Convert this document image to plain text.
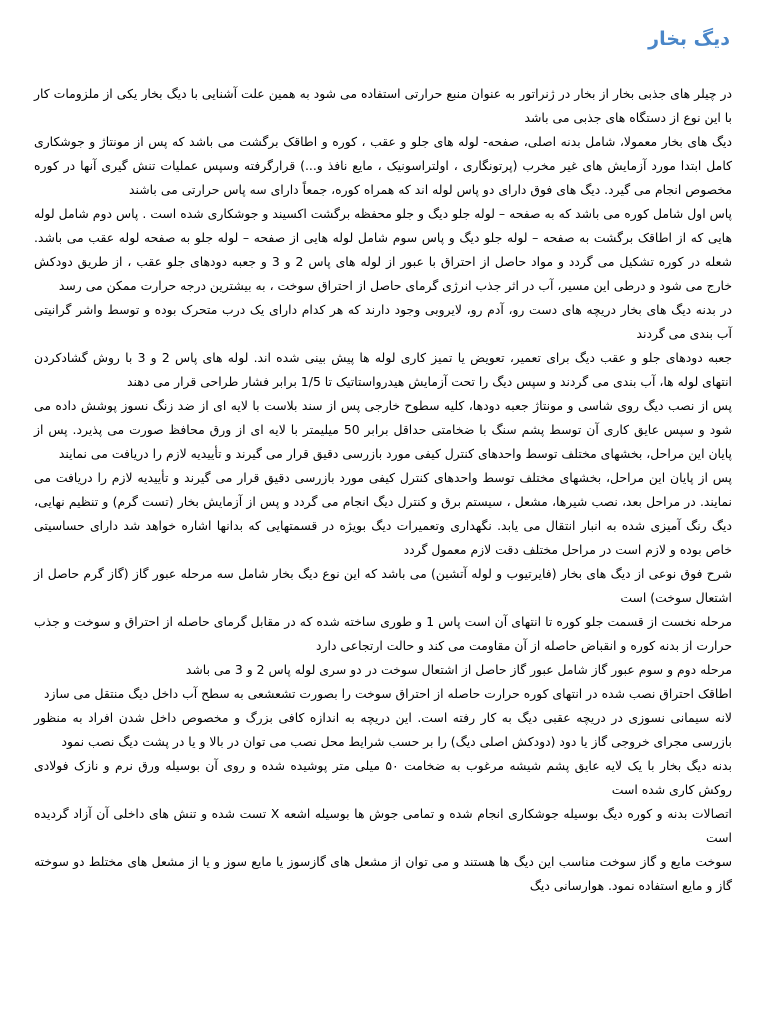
دیگ بخار

در چیلر های جذبی بخار از بخار در ژنراتور به عنوان منبع حرارتی استفاده می شود به همین علت آشنایی با دیگ بخار یکی از ملزومات کار با این نوع از دستگاه های جذبی می باشد

دیگ های بخار معمولا، شامل بدنه اصلی، صفحه- لوله های جلو و عقب ، کوره و اطاقک برگشت می باشد که پس از مونتاژ و جوشکاری کامل ابتدا مورد آزمایش های غیر مخرب (پرتونگاری ، اولتراسونیک ، مایع نافذ و...) قرارگرفته وسپس عملیات تنش گیری آنها در کوره مخصوص انجام می گیرد. دیگ های فوق دارای دو پاس لوله اند که همراه کوره، جمعاً دارای سه پاس حرارتی می باشند

پاس اول شامل کوره می باشد که به صفحه – لوله جلو دیگ و جلو محفظه برگشت اکسیند و جوشکاری شده است . پاس دوم شامل لوله هایی که از اطاقک برگشت به صفحه – لوله جلو دیگ و پاس سوم شامل لوله هایی از صفحه – لوله جلو به صفحه لوله عقب می باشد. شعله در کوره تشکیل می گردد و مواد حاصل از احتراق با عبور از لوله های پاس 2 و 3 و جعبه دودهای جلو عقب ، از طریق دودکش خارج می شود و درطی این مسیر، آب در اثر جذب انرژی گرمای حاصل از احتراق سوخت ، به بیشترین درجه حرارت ممکن می رسد

در بدنه دیگ های بخار دریچه های دست رو، آدم رو، لایروبی وجود دارند که هر کدام دارای یک درب متحرک بوده و توسط واشر گرانیتی آب بندی می گردند

جعبه دودهای جلو و عقب دیگ برای تعمیر، تعویض یا تمیز کاری لوله ها پیش بینی شده اند. لوله های پاس 2 و 3 با روش گشادکردن انتهای لوله ها، آب بندی می گردند و سپس دیگ را تحت آزمایش هیدرواستاتیک تا 1/5 برابر فشار طراحی قرار می دهند

پس از نصب دیگ روی شاسی و مونتاژ جعبه دودها، کلیه سطوح خارجی پس از سند بلاست با لایه ای از ضد زنگ نسوز پوشش داده می شود و سپس عایق کاری آن توسط پشم سنگ با ضخامتی حداقل برابر 50 میلیمتر با لایه ای از ورق محافظ صورت می پذیرد. پس از پایان این مراحل، بخشهای مختلف توسط واحدهای کنترل کیفی مورد بازرسی دقیق قرار می گیرند و تأییدیه لازم را دریافت می نمایند

پس از پایان این مراحل، بخشهای مختلف توسط واحدهای کنترل کیفی مورد بازرسی دقیق قرار می گیرند و تأییدیه لازم را دریافت می نمایند. در مراحل بعد، نصب شیرها، مشعل ، سیستم برق و کنترل دیگ انجام می گردد و پس از آزمایش بخار (تست گرم) و تنظیم نهایی، دیگ رنگ آمیزی شده به انبار انتقال می یابد. نگهداری وتعمیرات دیگ بویژه در قسمتهایی که بدانها اشاره خواهد شد دارای حساسیتی خاص بوده و لازم است در مراحل مختلف دقت لازم معمول گردد

شرح فوق نوعی از دیگ های بخار (فایرتیوب و لوله آتشین) می باشد که این نوع دیگ بخار شامل سه مرحله عبور گاز (گاز گرم حاصل از اشتعال سوخت) است

مرحله نخست از قسمت جلو کوره تا انتهای آن است پاس 1 و طوری ساخته شده که در مقابل گرمای حاصله از احتراق و سوخت و جذب حرارت از بدنه کوره و انقباض حاصله از آن مقاومت می کند و حالت ارتجاعی دارد

مرحله دوم و سوم عبور گاز شامل عبور گاز حاصل از اشتعال سوخت در دو سری لوله پاس 2 و 3 می باشد

اطاقک احتراق نصب شده در انتهای کوره حرارت حاصله از احتراق سوخت را بصورت تشعشعی به سطح آب داخل دیگ منتقل می سازد

لانه سیمانی نسوزی در دریچه عقبی دیگ به کار رفته است. این دریچه به اندازه کافی بزرگ و مخصوص داخل شدن افراد به منظور بازرسی مجرای خروجی گاز یا دود (دودکش اصلی دیگ) را بر حسب شرایط محل نصب می توان در بالا و یا در پشت دیگ نصب نمود

بدنه دیگ بخار با یک لایه عایق پشم شیشه مرغوب به ضخامت ۵۰ میلی متر پوشیده شده و روی آن بوسیله ورق نرم و نازک فولادی روکش کاری شده است

اتصالات بدنه و کوره دیگ بوسیله جوشکاری انجام شده و تمامی جوش ها بوسیله اشعه X تست شده و تنش های داخلی آن آزاد گردیده است

سوخت مایع و گاز سوخت مناسب این دیگ ها هستند و می توان از مشعل های گازسوز یا مایع سوز و یا از مشعل های مختلط دو سوخته گاز و مایع استفاده نمود. هوارسانی دیگ
